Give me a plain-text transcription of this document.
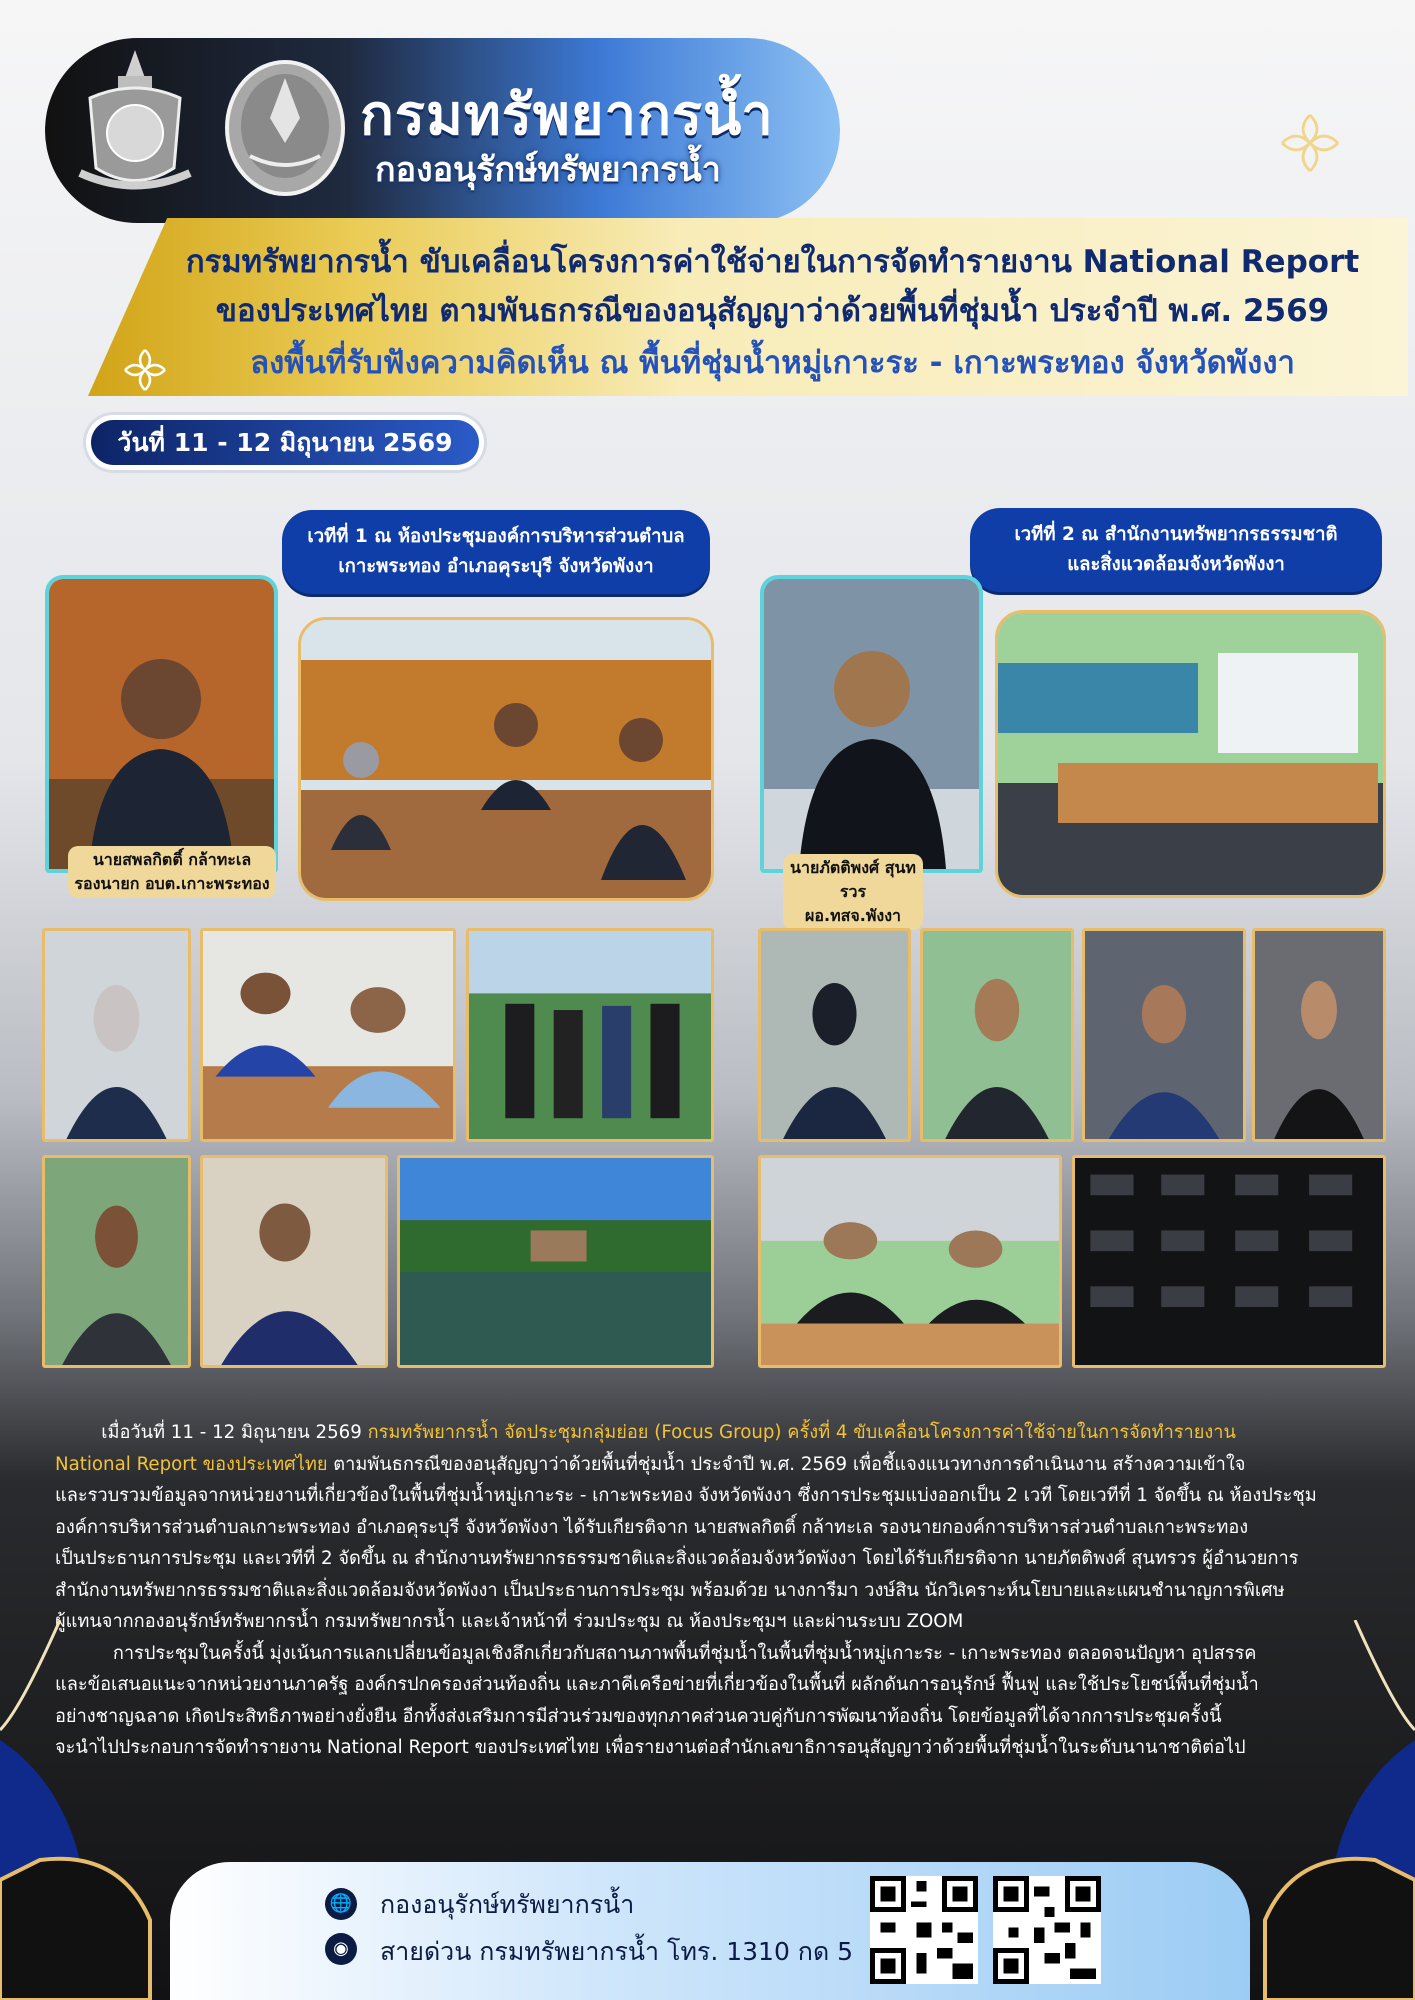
กรมทรัพยากรน้ำ
กองอนุรักษ์ทรัพยากรน้ำ
กรมทรัพยากรน้ำ ขับเคลื่อนโครงการค่าใช้จ่ายในการจัดทำรายงาน National Report
ของประเทศไทย ตามพันธกรณีของอนุสัญญาว่าด้วยพื้นที่ชุ่มน้ำ ประจำปี พ.ศ. 2569
ลงพื้นที่รับฟังความคิดเห็น ณ พื้นที่ชุ่มน้ำหมู่เกาะระ - เกาะพระทอง จังหวัดพังงา
วันที่ 11 - 12 มิถุนายน 2569
เวทีที่ 1 ณ ห้องประชุมองค์การบริหารส่วนตำบล
เกาะพระทอง อำเภอคุระบุรี จังหวัดพังงา
เวทีที่ 2 ณ สำนักงานทรัพยากรธรรมชาติ
และสิ่งแวดล้อมจังหวัดพังงา
นายสพลกิตติ์ กล้าทะเล
รองนายก อบต.เกาะพระทอง
นายภัตติพงศ์ สุนทรวร
ผอ.ทสจ.พังงา

เมื่อวันที่ 11 - 12 มิถุนายน 2569 กรมทรัพยากรน้ำ จัดประชุมกลุ่มย่อย (Focus Group) ครั้งที่ 4 ขับเคลื่อนโครงการค่าใช้จ่ายในการจัดทำรายงาน

National Report ของประเทศไทย ตามพันธกรณีของอนุสัญญาว่าด้วยพื้นที่ชุ่มน้ำ ประจำปี พ.ศ. 2569 เพื่อชี้แจงแนวทางการดำเนินงาน สร้างความเข้าใจ

และรวบรวมข้อมูลจากหน่วยงานที่เกี่ยวข้องในพื้นที่ชุ่มน้ำหมู่เกาะระ - เกาะพระทอง จังหวัดพังงา ซึ่งการประชุมแบ่งออกเป็น 2 เวที โดยเวทีที่ 1 จัดขึ้น ณ ห้องประชุม

องค์การบริหารส่วนตำบลเกาะพระทอง อำเภอคุระบุรี จังหวัดพังงา ได้รับเกียรติจาก นายสพลกิตติ์ กล้าทะเล รองนายกองค์การบริหารส่วนตำบลเกาะพระทอง

เป็นประธานการประชุม และเวทีที่ 2 จัดขึ้น ณ สำนักงานทรัพยากรธรรมชาติและสิ่งแวดล้อมจังหวัดพังงา โดยได้รับเกียรติจาก นายภัตติพงศ์ สุนทรวร ผู้อำนวยการ

สำนักงานทรัพยากรธรรมชาติและสิ่งแวดล้อมจังหวัดพังงา เป็นประธานการประชุม พร้อมด้วย นางการีมา วงษ์สิน นักวิเคราะห์นโยบายและแผนชำนาญการพิเศษ

ผู้แทนจากกองอนุรักษ์ทรัพยากรน้ำ กรมทรัพยากรน้ำ และเจ้าหน้าที่ ร่วมประชุม ณ ห้องประชุมฯ และผ่านระบบ ZOOM

การประชุมในครั้งนี้ มุ่งเน้นการแลกเปลี่ยนข้อมูลเชิงลึกเกี่ยวกับสถานภาพพื้นที่ชุ่มน้ำในพื้นที่ชุ่มน้ำหมู่เกาะระ - เกาะพระทอง ตลอดจนปัญหา อุปสรรค

และข้อเสนอแนะจากหน่วยงานภาครัฐ องค์กรปกครองส่วนท้องถิ่น และภาคีเครือข่ายที่เกี่ยวข้องในพื้นที่ ผลักดันการอนุรักษ์ ฟื้นฟู และใช้ประโยชน์พื้นที่ชุ่มน้ำ

อย่างชาญฉลาด เกิดประสิทธิภาพอย่างยั่งยืน อีกทั้งส่งเสริมการมีส่วนร่วมของทุกภาคส่วนควบคู่กับการพัฒนาท้องถิ่น โดยข้อมูลที่ได้จากการประชุมครั้งนี้

จะนำไปประกอบการจัดทำรายงาน National Report ของประเทศไทย เพื่อรายงานต่อสำนักเลขาธิการอนุสัญญาว่าด้วยพื้นที่ชุ่มน้ำในระดับนานาชาติต่อไป

🌐
◉
กองอนุรักษ์ทรัพยากรน้ำ
สายด่วน กรมทรัพยากรน้ำ โทร. 1310 กด 5
